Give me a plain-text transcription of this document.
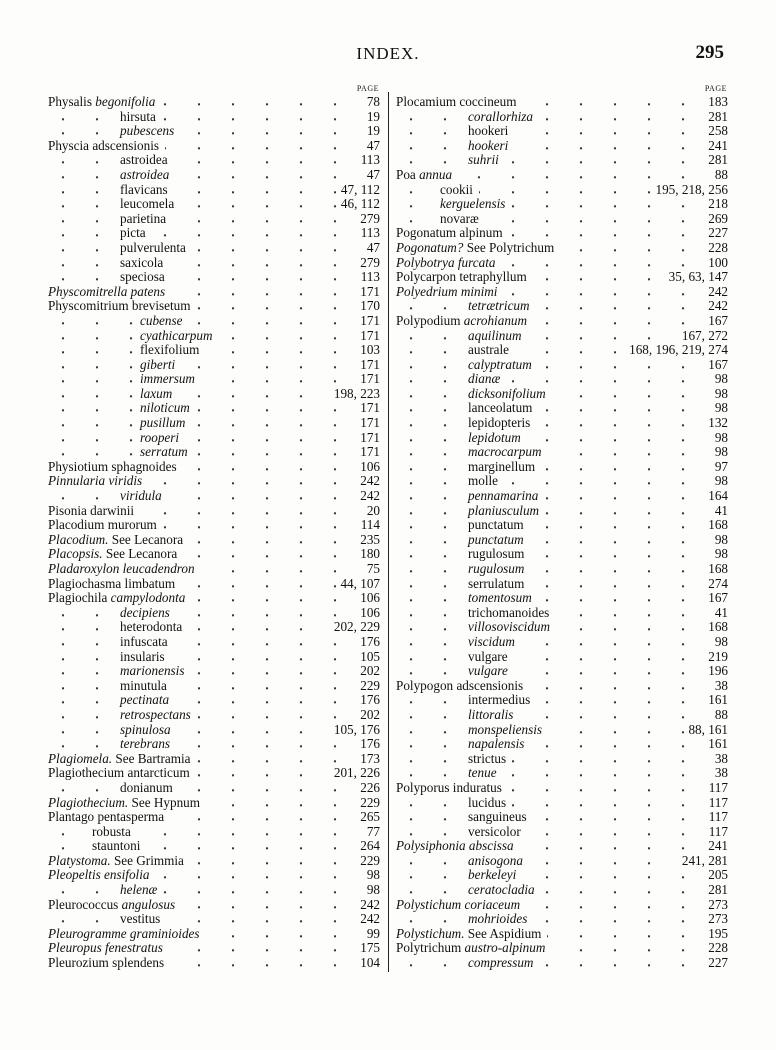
INDEX.	295
PAGE
Physalis begonifolia	78
hirsuta	19
pubescens	19
Physcia adscensionis	47
astroidea	113
astroidea	47
flavicans	47, 112
leucomela	46, 112
parietina	279
picta	113
pulverulenta	47
saxicola	279
speciosa	113
Physcomitrella patens	171
Physcomitrium brevisetum	170
cubense	171
cyathicarpum	171
flexifolium	103
giberti	171
immersum	171
laxum	198, 223
niloticum	171
pusillum	171
rooperi	171
serratum	171
Physiotium sphagnoides	106
Pinnularia viridis	242
viridula	242
Pisonia darwinii	20
Placodium murorum	114
Placodium. See Lecanora	235
Placopsis. See Lecanora	180
Pladaroxylon leucadendron	75
Plagiochasma limbatum	44, 107
Plagiochila campylodonta	106
decipiens	106
heterodonta	202, 229
infuscata	176
insularis	105
marionensis	202
minutula	229
pectinata	176
retrospectans	202
spinulosa	105, 176
terebrans	176
Plagiomela. See Bartramia	173
Plagiothecium antarcticum	201, 226
donianum	226
Plagiothecium. See Hypnum	229
Plantago pentasperma	265
robusta	77
stauntoni	264
Platystoma. See Grimmia	229
Pleopeltis ensifolia	98
helenæ	98
Pleurococcus angulosus	242
vestitus	242
Pleurogramme graminioides	99
Pleuropus fenestratus	175
Pleurozium splendens	104
PAGE
Plocamium coccineum	183
corallorhiza	281
hookeri	258
hookeri	241
suhrii	281
Poa annua	88
cookii	195, 218, 256
kerguelensis	218
novaræ	269
Pogonatum alpinum	227
Pogonatum? See Polytrichum	228
Polybotrya furcata	100
Polycarpon tetraphyllum	35, 63, 147
Polyedrium minimi	242
tetrætricum	242
Polypodium acrohianum	167
aquilinum	167, 272
australe	168, 196, 219, 274
calyptratum	167
dianæ	98
dicksonifolium	98
lanceolatum	98
lepidopteris	132
lepidotum	98
macrocarpum	98
marginellum	97
molle	98
pennamarina	164
planiusculum	41
punctatum	168
punctatum	98
rugulosum	98
rugulosum	168
serrulatum	274
tomentosum	167
trichomanoides	41
villosoviscidum	168
viscidum	98
vulgare	219
vulgare	196
Polypogon adscensionis	38
intermedius	161
littoralis	88
monspeliensis	88, 161
napalensis	161
strictus	38
tenue	38
Polyporus induratus	117
lucidus	117
sanguineus	117
versicolor	117
Polysiphonia abscissa	241
anisogona	241, 281
berkeleyi	205
ceratocladia	281
Polystichum coriaceum	273
mohrioides	273
Polystichum. See Aspidium	195
Polytrichum austro-alpinum	228
compressum	227
